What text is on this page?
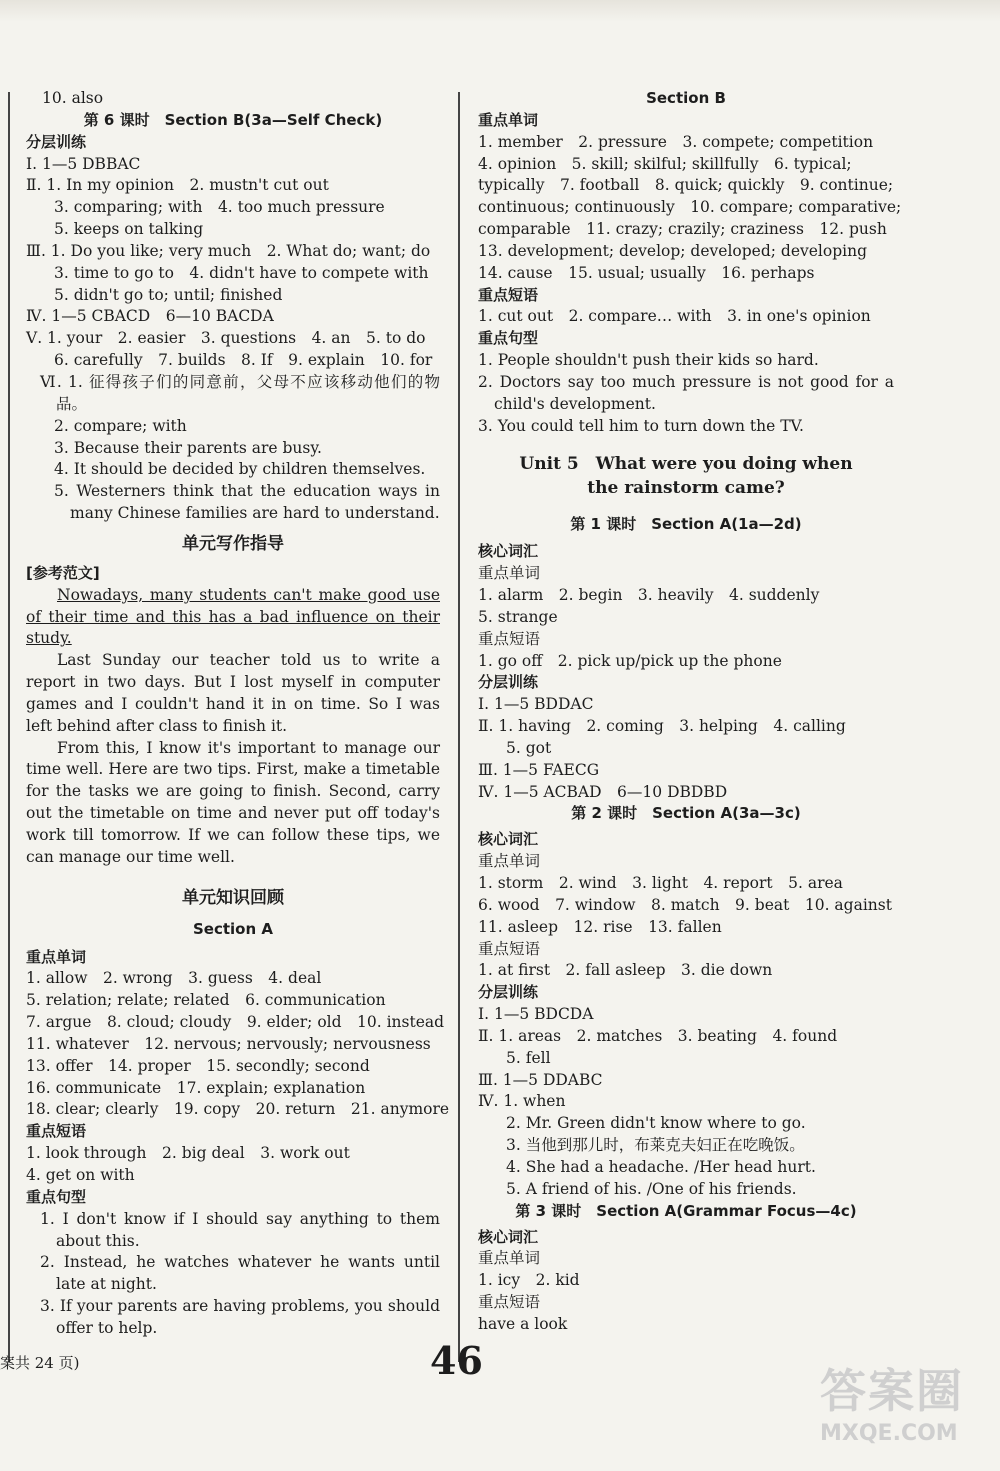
10. also
第 6 课时　Section B(3a—Self Check)
分层训练
Ⅰ. 1—5 DBBAC
Ⅱ. 1. In my opinion　2. mustn't cut out
3. comparing; with　4. too much pressure
5. keeps on talking
Ⅲ. 1. Do you like; very much　2. What do; want; do
3. time to go to　4. didn't have to compete with
5. didn't go to; until; finished
Ⅳ. 1—5 CBACD　6—10 BACDA
Ⅴ. 1. your　2. easier　3. questions　4. an　5. to do
6. carefully　7. builds　8. If　9. explain　10. for
Ⅵ. 1. 征得孩子们的同意前，父母不应该移动他们的物品。
2. compare; with
3. Because their parents are busy.
4. It should be decided by children themselves.
5. Westerners think that the education ways in many Chinese families are hard to understand.
单元写作指导
[参考范文]

Nowadays, many students can't make good use of their time and this has a bad influence on their study.

Last Sunday our teacher told us to write a report in two days. But I lost myself in computer games and I couldn't hand it in on time. So I was left behind after class to finish it.

From this, I know it's important to manage our time well. Here are two tips. First, make a timetable for the tasks we are going to finish. Second, carry out the timetable on time and never put off today's work till tomorrow. If we can follow these tips, we can manage our time well.

单元知识回顾
Section A
重点单词
1. allow　2. wrong　3. guess　4. deal
5. relation; relate; related　6. communication
7. argue　8. cloud; cloudy　9. elder; old　10. instead
11. whatever　12. nervous; nervously; nervousness
13. offer　14. proper　15. secondly; second
16. communicate　17. explain; explanation
18. clear; clearly　19. copy　20. return　21. anymore
重点短语
1. look through　2. big deal　3. work out
4. get on with
重点句型
1. I don't know if I should say anything to them about this.
2. Instead, he watches whatever he wants until late at night.
3. If your parents are having problems, you should offer to help.
Section B
重点单词
1. member　2. pressure　3. compete; competition
4. opinion　5. skill; skilful; skillfully　6. typical;
typically　7. football　8. quick; quickly　9. continue;
continuous; continuously　10. compare; comparative;
comparable　11. crazy; crazily; craziness　12. push
13. development; develop; developed; developing
14. cause　15. usual; usually　16. perhaps
重点短语
1. cut out　2. compare… with　3. in one's opinion
重点句型
1. People shouldn't push their kids so hard.
2. Doctors say too much pressure is not good for a child's development.
3. You could tell him to turn down the TV.
Unit 5　What were you doing when
the rainstorm came?
第 1 课时　Section A(1a—2d)
核心词汇
重点单词
1. alarm　2. begin　3. heavily　4. suddenly
5. strange
重点短语
1. go off　2. pick up/pick up the phone
分层训练
Ⅰ. 1—5 BDDAC
Ⅱ. 1. having　2. coming　3. helping　4. calling
5. got
Ⅲ. 1—5 FAECG
Ⅳ. 1—5 ACBAD　6—10 DBDBD
第 2 课时　Section A(3a—3c)
核心词汇
重点单词
1. storm　2. wind　3. light　4. report　5. area
6. wood　7. window　8. match　9. beat　10. against
11. asleep　12. rise　13. fallen
重点短语
1. at first　2. fall asleep　3. die down
分层训练
Ⅰ. 1—5 BDCDA
Ⅱ. 1. areas　2. matches　3. beating　4. found
5. fell
Ⅲ. 1—5 DDABC
Ⅳ. 1. when
2. Mr. Green didn't know where to go.
3. 当他到那儿时，布莱克夫妇正在吃晚饭。
4. She had a headache. /Her head hurt.
5. A friend of his. /One of his friends.
第 3 课时　Section A(Grammar Focus—4c)
核心词汇
重点单词
1. icy　2. kid
重点短语
have a look
案共 24 页)	46
答案圈
MXQE.COM
